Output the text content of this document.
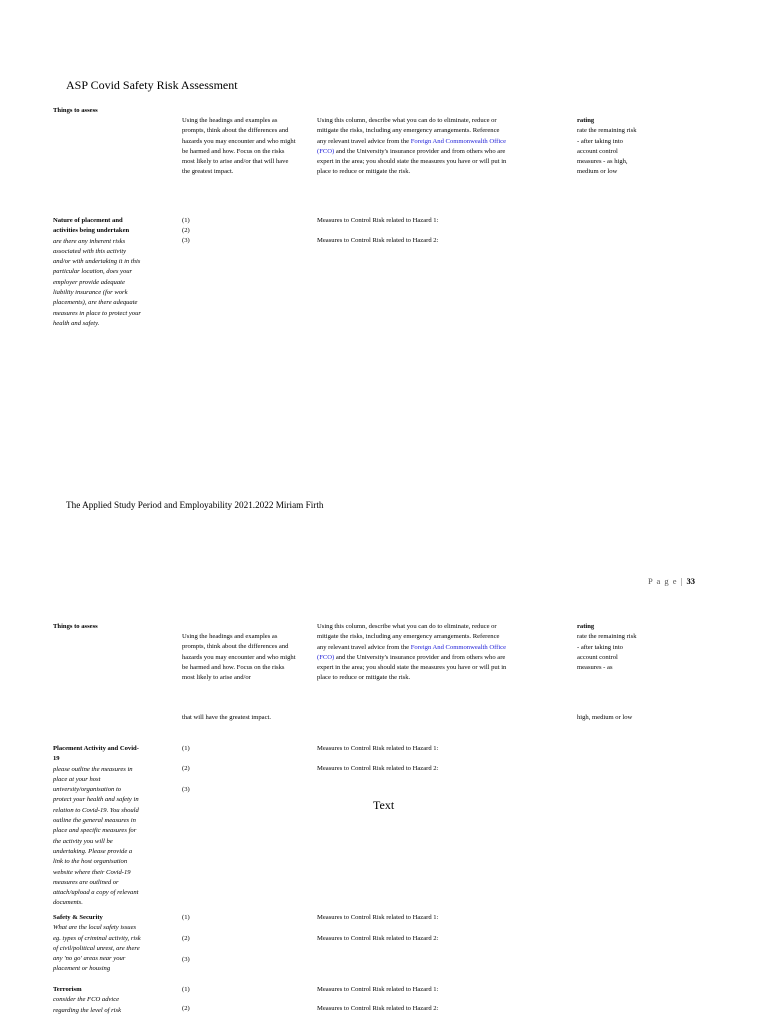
ASP Covid Safety Risk Assessment
Things to assess
Using the headings and examples as prompts, think about the differences and hazards you may encounter and who might be harmed and how. Focus on the risks most likely to arise and/or that will have the greatest impact.
Using this column, describe what you can do to eliminate, reduce or mitigate the risks, including any emergency arrangements. Reference any relevant travel advice from the Foreign And Commonwealth Office (FCO) and the University's insurance provider and from others who are expert in the area; you should state the measures you have or will put in place to reduce or mitigate the risk.
rating
rate the remaining risk - after taking into account control measures - as high, medium or low
Nature of placement and activities being undertaken
are there any inherent risks associated with this activity and/or with undertaking it in this particular location, does your employer provide adequate liability insurance (for work placements), are there adequate measures in place to protect your health and safety.
(1)
(2)
(3)
Measures to Control Risk related to Hazard 1:
Measures to Control Risk related to Hazard 2:
The Applied Study Period and Employability 2021.2022 Miriam Firth
P a g e | 33
Things to assess
Using the headings and examples as prompts, think about the differences and hazards you may encounter and who might be harmed and how. Focus on the risks most likely to arise and/or
that will have the greatest impact.
Using this column, describe what you can do to eliminate, reduce or mitigate the risks, including any emergency arrangements. Reference any relevant travel advice from the Foreign And Commonwealth Office (FCO) and the University's insurance provider and from others who are expert in the area; you should state the measures you have or will put in place to reduce or mitigate the risk.
rating
rate the remaining risk - after taking into account control measures - as
high, medium or low
Placement Activity and Covid-19
please outline the measures in place at your host university/organisation to protect your health and safety in relation to Covid-19. You should outline the general measures in place and specific measures for the activity you will be undertaking. Please provide a link to the host organisation website where their Covid-19 measures are outlined or attach/upload a copy of relevant documents.
(1)
(2)
(3)
Measures to Control Risk related to Hazard 1:
Measures to Control Risk related to Hazard 2:
Text
Safety & Security
What are the local safety issues eg. types of criminal activity, risk of civil/political unrest, are there any 'no go' areas near your placement or housing
(1)
(2)
(3)
Measures to Control Risk related to Hazard 1:
Measures to Control Risk related to Hazard 2:
Terrorism
consider the FCO advice regarding the level of risk
(1)
(2)
Measures to Control Risk related to Hazard 1:
Measures to Control Risk related to Hazard 2:
